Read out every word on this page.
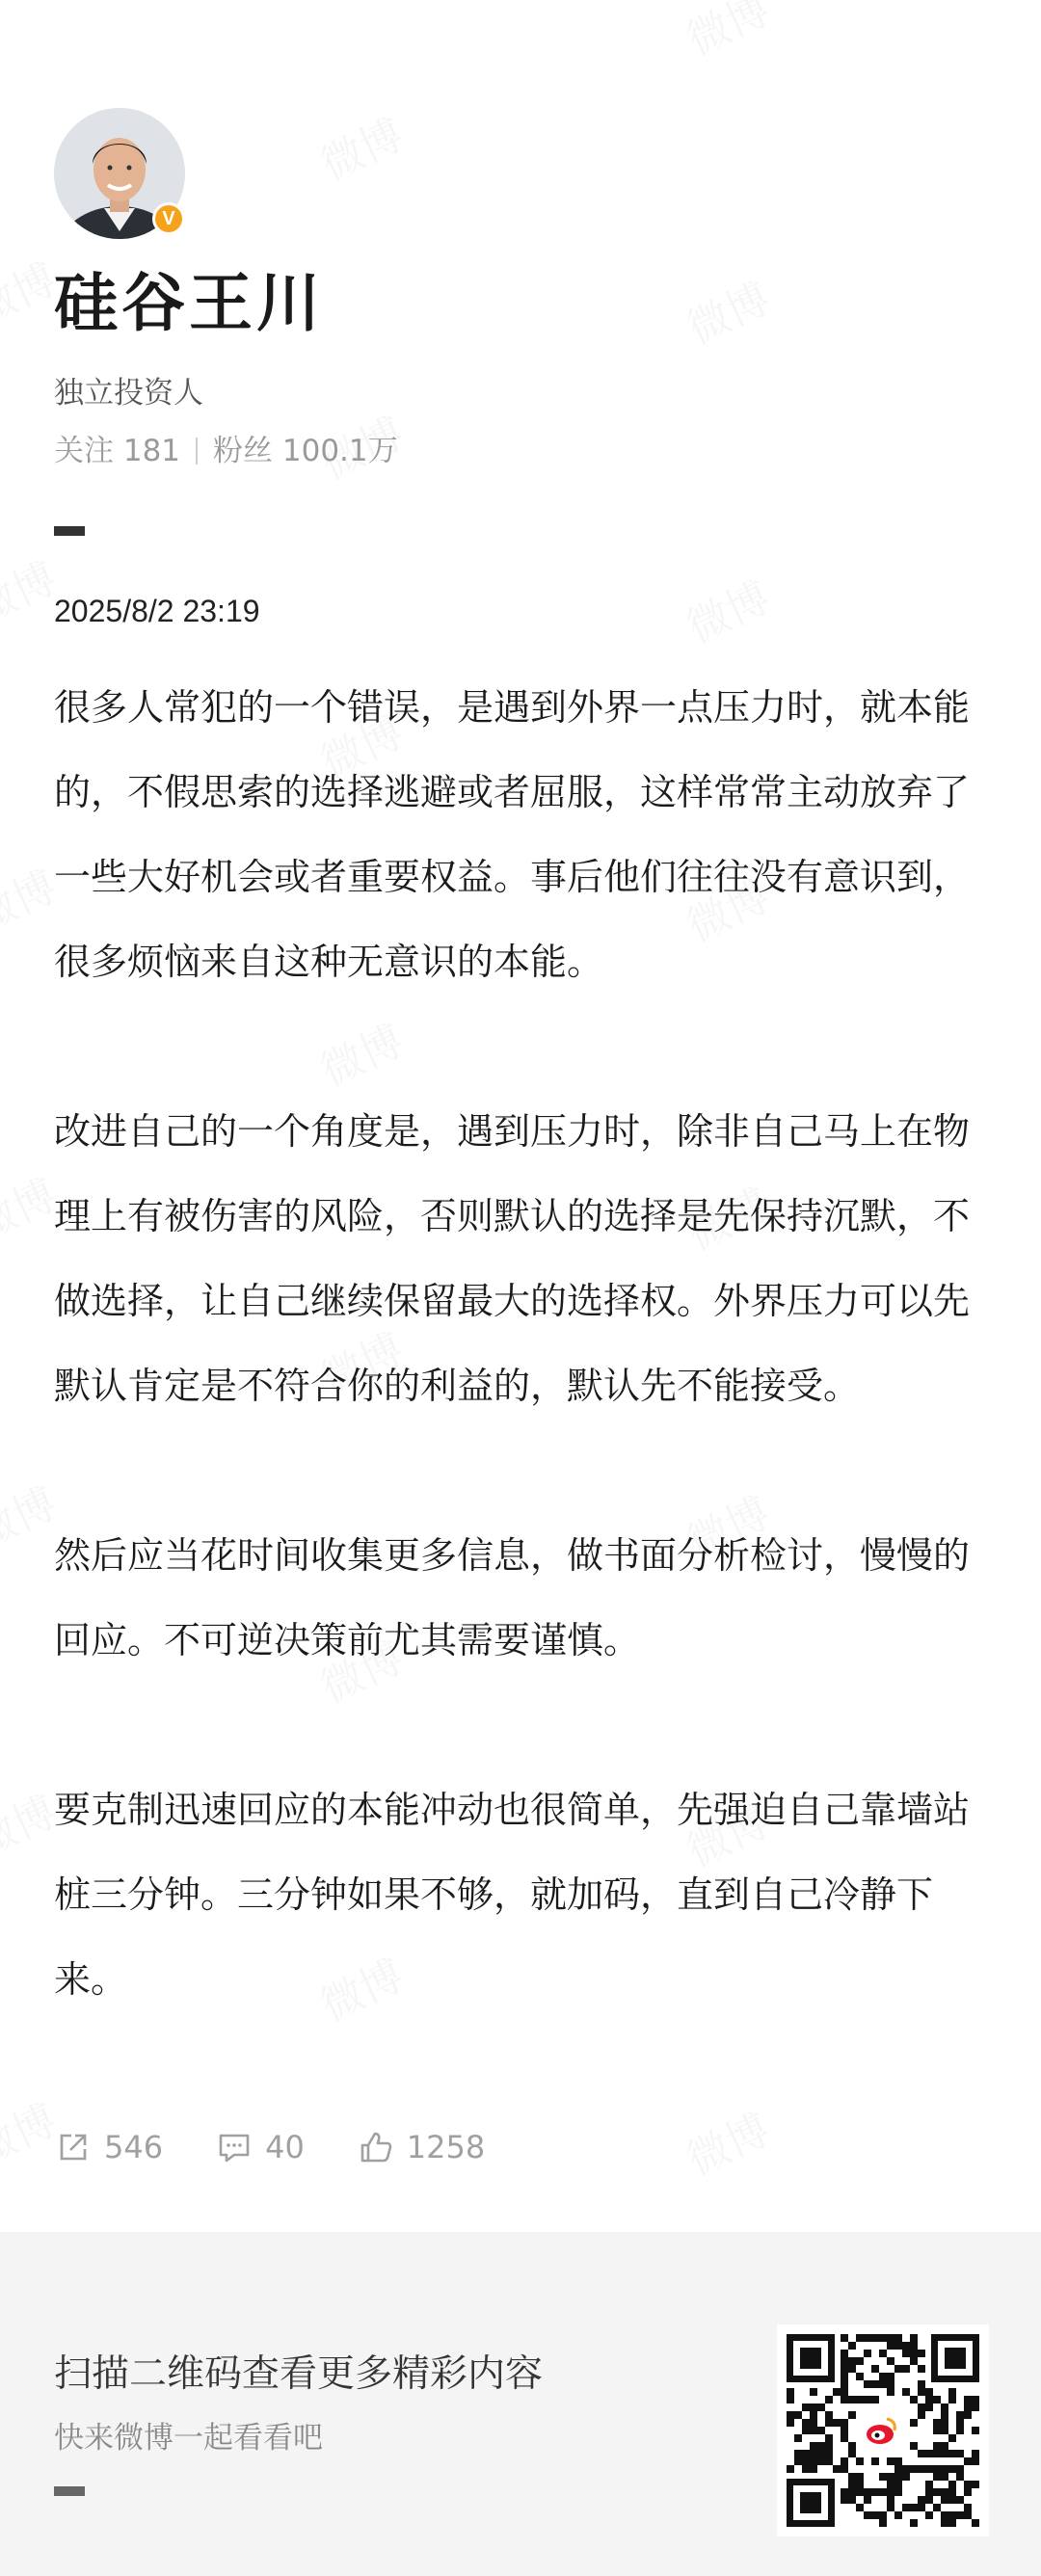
V
硅谷王川
独立投资人
关注 181 粉丝 100.1万
2025/8/2 23:19

很多人常犯的一个错误，是遇到外界一点压力时，就本能的，不假思索的选择逃避或者屈服，这样常常主动放弃了一些大好机会或者重要权益。事后他们往往没有意识到，很多烦恼来自这种无意识的本能。

改进自己的一个角度是，遇到压力时，除非自己马上在物理上有被伤害的风险，否则默认的选择是先保持沉默，不做选择，让自己继续保留最大的选择权。外界压力可以先默认肯定是不符合你的利益的，默认先不能接受。

然后应当花时间收集更多信息，做书面分析检讨，慢慢的回应。不可逆决策前尤其需要谨慎。

要克制迅速回应的本能冲动也很简单，先强迫自己靠墙站桩三分钟。三分钟如果不够，就加码，直到自己冷静下来。

546	40	1258
扫描二维码查看更多精彩内容
快来微博一起看看吧
